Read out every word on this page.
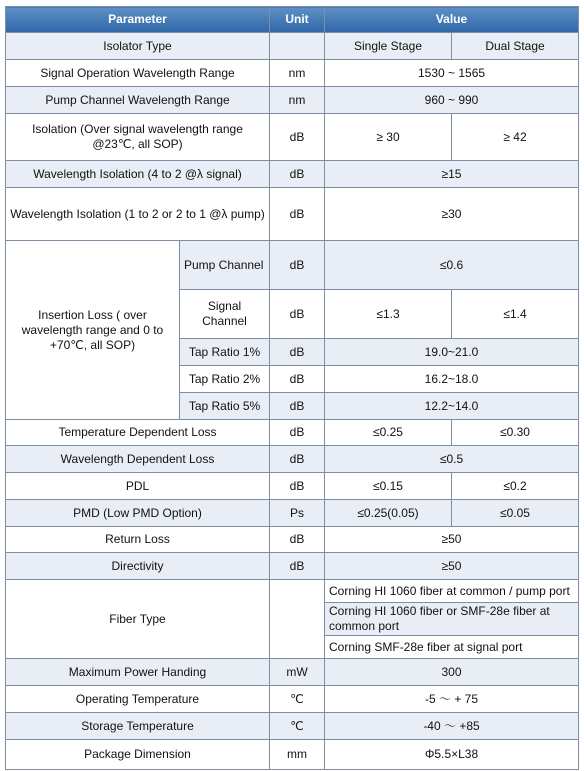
Parameter		Unit	Value	
Isolator Type			Single Stage	Dual Stage
Signal Operation Wavelength Range		nm	1530 ~ 1565	
Pump Channel Wavelength Range		nm	960 ~ 990	
Isolation (Over signal wavelength range @23℃, all SOP)		dB	≥ 30	≥ 42
Wavelength Isolation (4 to 2 @λ signal)		dB	≥15	
Wavelength Isolation (1 to 2 or 2 to 1 @λ pump)		dB	≥30	
Insertion Loss ( over wavelength range and 0 to +70℃, all SOP)	Pump Channel	dB	≤0.6	
	Signal Channel	dB	≤1.3	≤1.4
	Tap Ratio 1%	dB	19.0~21.0	
	Tap Ratio 2%	dB	16.2~18.0	
	Tap Ratio 5%	dB	12.2~14.0	
Temperature Dependent Loss		dB	≤0.25	≤0.30
Wavelength Dependent Loss		dB	≤0.5	
PDL		dB	≤0.15	≤0.2
PMD (Low PMD Option)		Ps	≤0.25(0.05)	≤0.05
Return Loss		dB	≥50	
Directivity		dB	≥50	
Fiber Type			Corning HI 1060 fiber at common / pump port	
			Corning HI 1060 fiber or SMF-28e fiber at common port	
			Corning SMF-28e fiber at signal port	
Maximum Power Handing		mW	300	
Operating Temperature		℃	-5 ～ + 75	
Storage Temperature		℃	-40 ～ +85	
Package Dimension		mm	Φ5.5×L38	
